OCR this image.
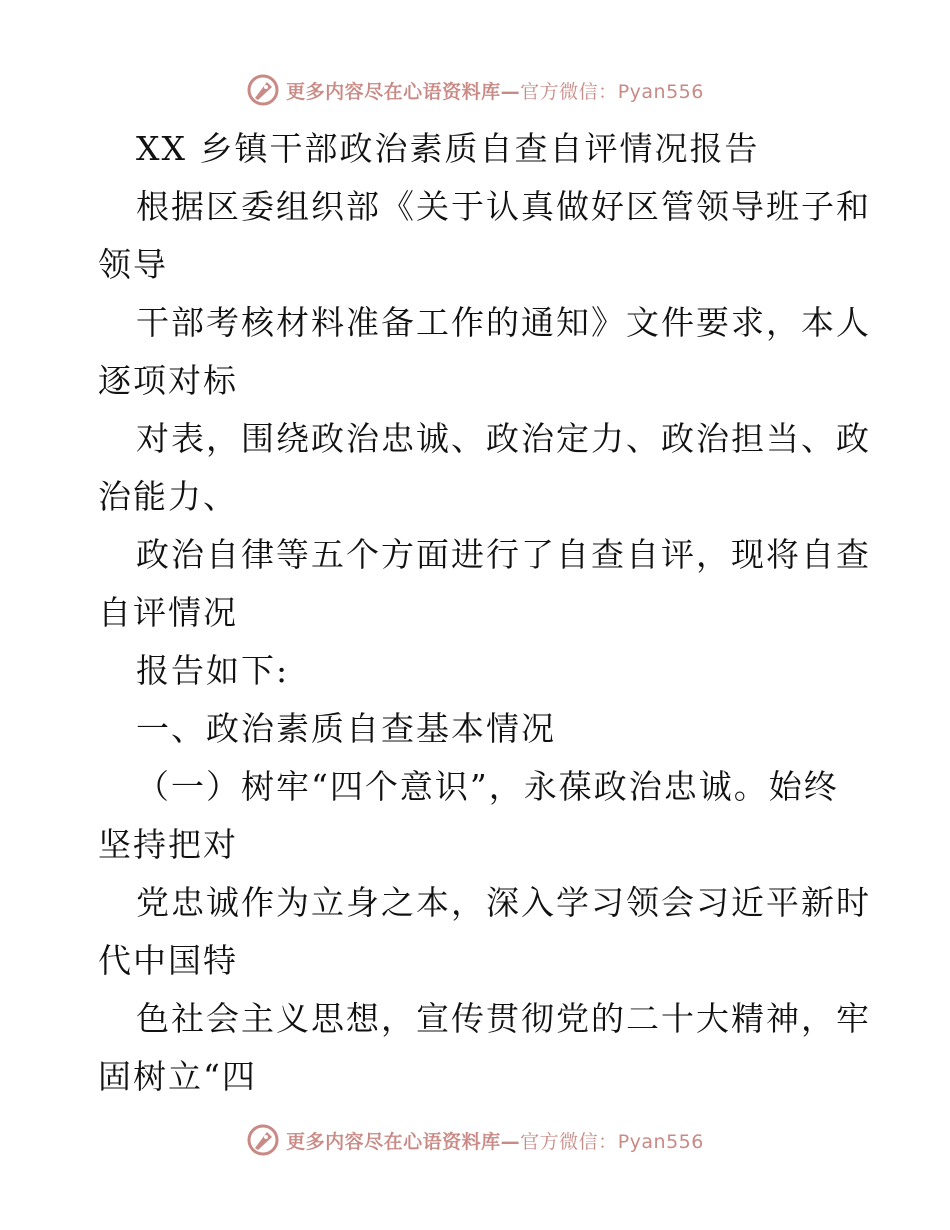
更多内容尽在心语资料库—官方微信：Pyan556
XX 乡镇干部政治素质自查自评情况报告
根据区委组织部《关于认真做好区管领导班子和
领导
干部考核材料准备工作的通知》文件要求，本人
逐项对标
对表，围绕政治忠诚、政治定力、政治担当、政
治能力、
政治自律等五个方面进行了自查自评，现将自查
自评情况
报告如下:
一、政治素质自查基本情况
（一）树牢“四个意识”，永葆政治忠诚。始终
坚持把对
党忠诚作为立身之本，深入学习领会习近平新时
代中国特
色社会主义思想，宣传贯彻党的二十大精神，牢
固树立“四
更多内容尽在心语资料库—官方微信：Pyan556
